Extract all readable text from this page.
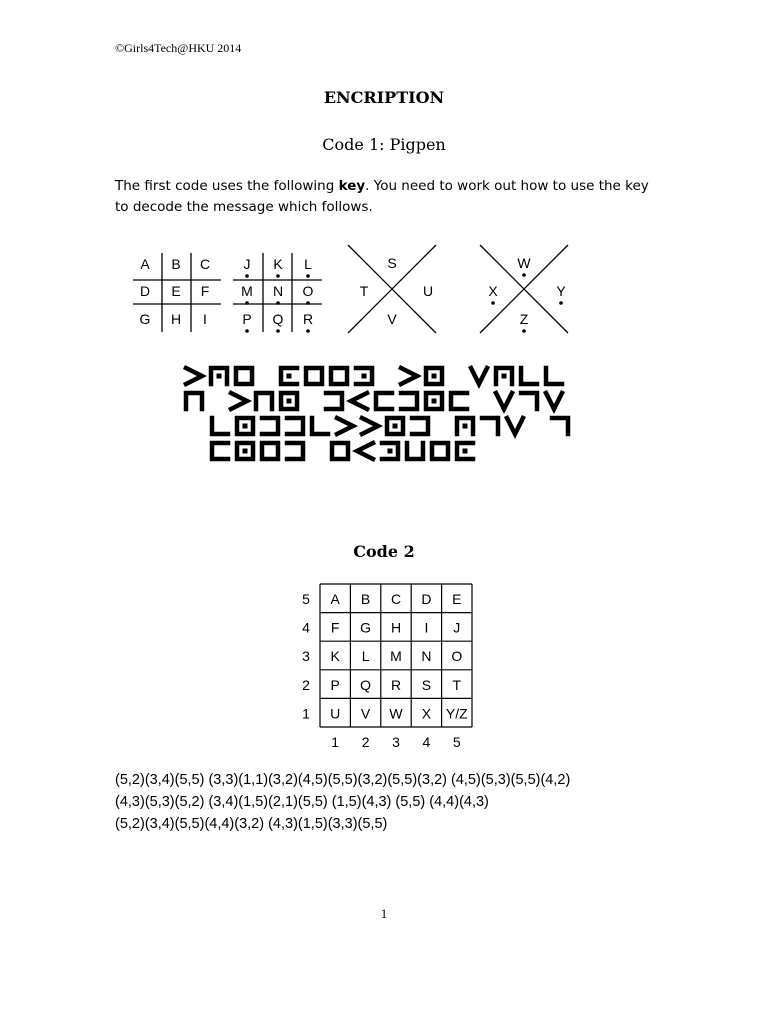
©Girls4Tech@HKU 2014
ENCRIPTION
Code 1: Pigpen
The first code uses the following key. You need to work out how to use the key to decode the message which follows.
A B C
D E F
G H I
J K L
M N O
P Q R
S
T	U
V
W
X	Y
Z
Code 2
5 A B C D E
4 F G H I J
3 K L M N O
2 P Q R S T
1 U V W X Y/Z
1 2 3 4 5
(5,2)(3,4)(5,5) (3,3)(1,1)(3,2)(4,5)(5,5)(3,2)(5,5)(3,2) (4,5)(5,3)(5,5)(4,2)
(4,3)(5,3)(5,2) (3,4)(1,5)(2,1)(5,5) (1,5)(4,3) (5,5) (4,4)(4,3)
(5,2)(3,4)(5,5)(4,4)(3,2) (4,3)(1,5)(3,3)(5,5)
1
